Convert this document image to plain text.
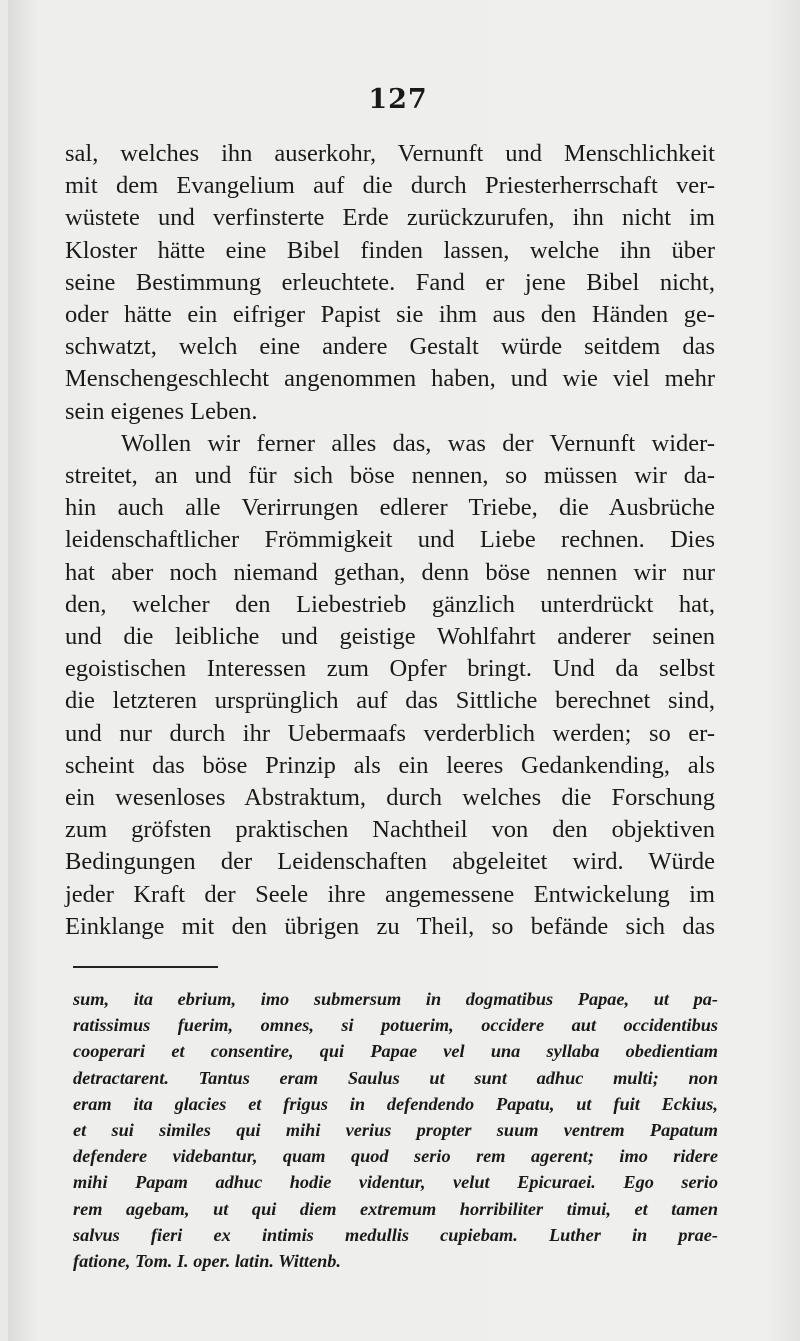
127
sal, welches ihn auserkohr, Vernunft und Menschlichkeit
mit dem Evangelium auf die durch Priesterherrschaft ver-
wüstete und verfinsterte Erde zurückzurufen, ihn nicht im
Kloster hätte eine Bibel finden lassen, welche ihn über
seine Bestimmung erleuchtete. Fand er jene Bibel nicht,
oder hätte ein eifriger Papist sie ihm aus den Händen ge-
schwatzt, welch eine andere Gestalt würde seitdem das
Menschengeschlecht angenommen haben, und wie viel mehr
sein eigenes Leben.
Wollen wir ferner alles das, was der Vernunft wider-
streitet, an und für sich böse nennen, so müssen wir da-
hin auch alle Verirrungen edlerer Triebe, die Ausbrüche
leidenschaftlicher Frömmigkeit und Liebe rechnen. Dies
hat aber noch niemand gethan, denn böse nennen wir nur
den, welcher den Liebestrieb gänzlich unterdrückt hat,
und die leibliche und geistige Wohlfahrt anderer seinen
egoistischen Interessen zum Opfer bringt. Und da selbst
die letzteren ursprünglich auf das Sittliche berechnet sind,
und nur durch ihr Uebermaafs verderblich werden; so er-
scheint das böse Prinzip als ein leeres Gedankending, als
ein wesenloses Abstraktum, durch welches die Forschung
zum gröfsten praktischen Nachtheil von den objektiven
Bedingungen der Leidenschaften abgeleitet wird. Würde
jeder Kraft der Seele ihre angemessene Entwickelung im
Einklange mit den übrigen zu Theil, so befände sich das
sum, ita ebrium, imo submersum in dogmatibus Papae, ut pa-
ratissimus fuerim, omnes, si potuerim, occidere aut occidentibus
cooperari et consentire, qui Papae vel una syllaba obedientiam
detractarent. Tantus eram Saulus ut sunt adhuc multi; non
eram ita glacies et frigus in defendendo Papatu, ut fuit Eckius,
et sui similes qui mihi verius propter suum ventrem Papatum
defendere videbantur, quam quod serio rem agerent; imo ridere
mihi Papam adhuc hodie videntur, velut Epicuraei. Ego serio
rem agebam, ut qui diem extremum horribiliter timui, et tamen
salvus fieri ex intimis medullis cupiebam. Luther in prae-
fatione, Tom. I. oper. latin. Wittenb.
